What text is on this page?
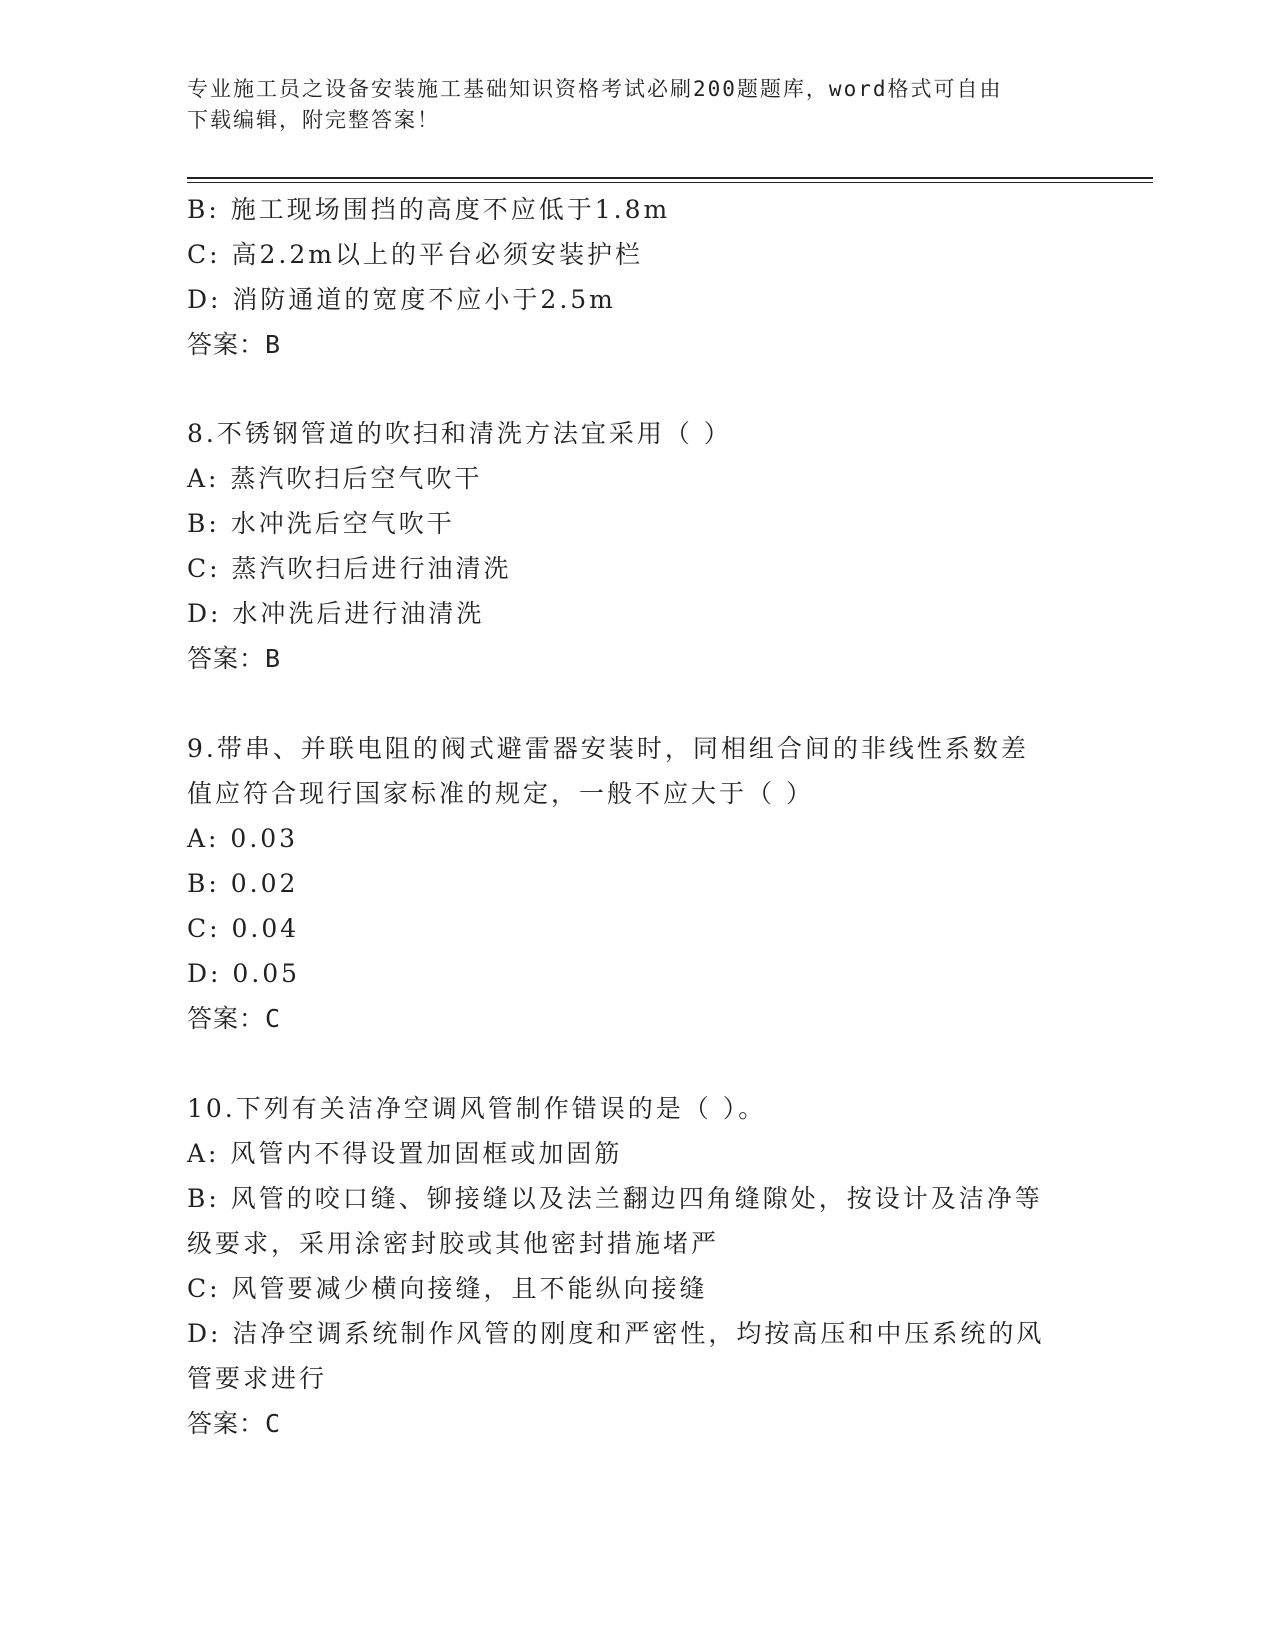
专业施工员之设备安装施工基础知识资格考试必刷200题题库，word格式可自由
下载编辑，附完整答案！
B: 施工现场围挡的高度不应低于1.8m
C: 高2.2m以上的平台必须安装护栏
D: 消防通道的宽度不应小于2.5m
答案：B
8.不锈钢管道的吹扫和清洗方法宜采用（ ）
A: 蒸汽吹扫后空气吹干
B: 水冲洗后空气吹干
C: 蒸汽吹扫后进行油清洗
D: 水冲洗后进行油清洗
答案：B
9.带串、并联电阻的阀式避雷器安装时，同相组合间的非线性系数差
值应符合现行国家标准的规定，一般不应大于（ ）
A: 0.03
B: 0.02
C: 0.04
D: 0.05
答案：C
10.下列有关洁净空调风管制作错误的是（ ）。
A: 风管内不得设置加固框或加固筋
B: 风管的咬口缝、铆接缝以及法兰翻边四角缝隙处，按设计及洁净等
级要求，采用涂密封胶或其他密封措施堵严
C: 风管要减少横向接缝，且不能纵向接缝
D: 洁净空调系统制作风管的刚度和严密性，均按高压和中压系统的风
管要求进行
答案：C
